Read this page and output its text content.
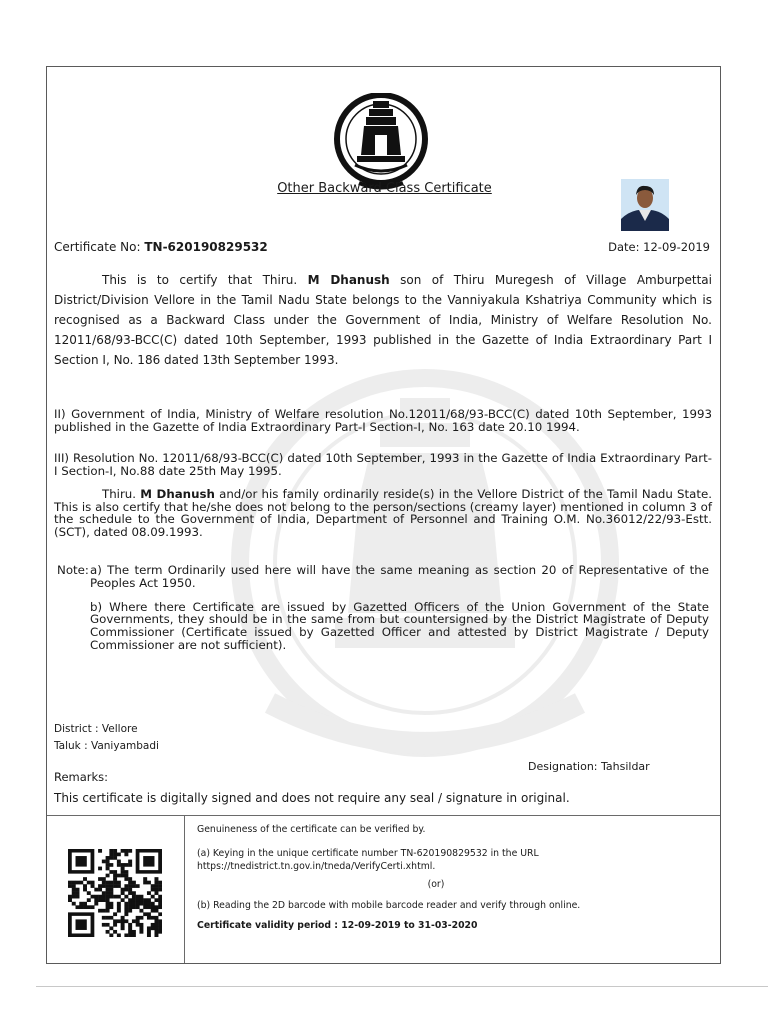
Other Backward Class Certificate
Certificate No: TN-620190829532	Date: 12-09-2019

This is to certify that Thiru. M Dhanush son of Thiru Muregesh of Village Amburpettai District/Division Vellore in the Tamil Nadu State belongs to the Vanniyakula Kshatriya Community which is recognised as a Backward Class under the Government of India, Ministry of Welfare Resolution No. 12011/68/93-BCC(C) dated 10th September, 1993 published in the Gazette of India Extraordinary Part I Section I, No. 186 dated 13th September 1993.

II) Government of India, Ministry of Welfare resolution No.12011/68/93-BCC(C) dated 10th September, 1993 published in the Gazette of India Extraordinary Part-I Section-I, No. 163 date 20.10 1994.

III) Resolution No. 12011/68/93-BCC(C) dated 10th September, 1993 in the Gazette of India Extraordinary Part-I Section-I, No.88 date 25th May 1995.

Thiru. M Dhanush and/or his family ordinarily reside(s) in the Vellore District of the Tamil Nadu State. This is also certify that he/she does not belong to the person/sections (creamy layer) mentioned in column 3 of the schedule to the Government of India, Department of Personnel and Training O.M. No.36012/22/93-Estt.(SCT), dated 08.09.1993.

Note: a) The term Ordinarily used here will have the same meaning as section 20 of Representative of the Peoples Act 1950.
b) Where there Certificate are issued by Gazetted Officers of the Union Government of the State Governments, they should be in the same from but countersigned by the District Magistrate of Deputy Commissioner (Certificate issued by Gazetted Officer and attested by District Magistrate / Deputy Commissioner are not sufficient).
District : Vellore
Taluk : Vaniyambadi
Designation: Tahsildar
Remarks:
This certificate is digitally signed and does not require any seal / signature in original.

Genuineness of the certificate can be verified by.

(a) Keying in the unique certificate number TN-620190829532 in the URL https://tnedistrict.tn.gov.in/tneda/VerifyCerti.xhtml.

(or)

(b) Reading the 2D barcode with mobile barcode reader and verify through online.

Certificate validity period : 12-09-2019 to 31-03-2020
